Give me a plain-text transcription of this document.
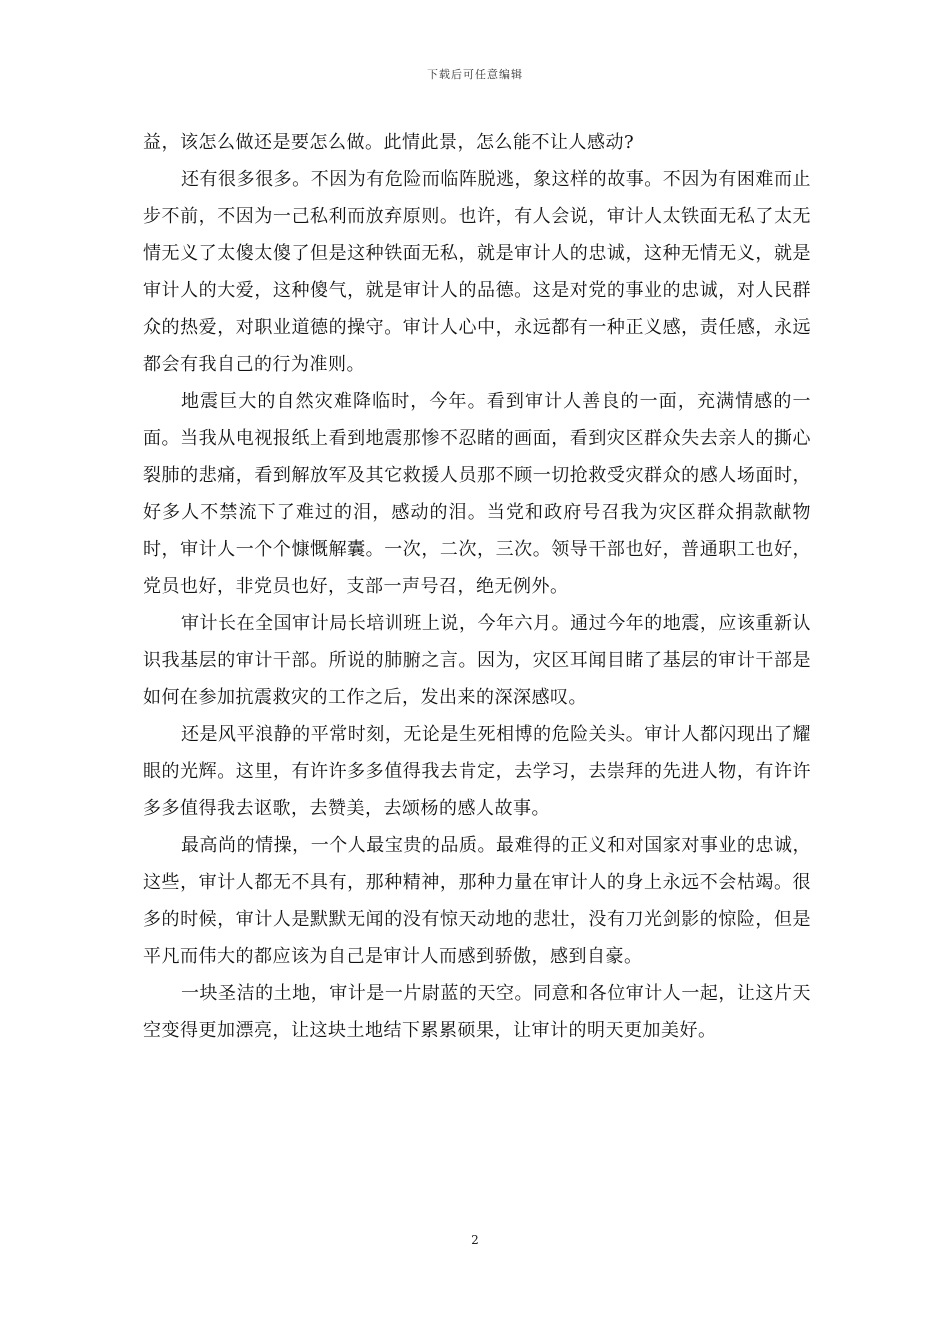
下载后可任意编辑

益，该怎么做还是要怎么做。此情此景，怎么能不让人感动?

还有很多很多。不因为有危险而临阵脱逃，象这样的故事。不因为有困难而止步不前，不因为一己私利而放弃原则。也许，有人会说，审计人太铁面无私了太无情无义了太傻太傻了但是这种铁面无私，就是审计人的忠诚，这种无情无义，就是审计人的大爱，这种傻气，就是审计人的品德。这是对党的事业的忠诚，对人民群众的热爱，对职业道德的操守。审计人心中，永远都有一种正义感，责任感，永远都会有我自己的行为准则。

地震巨大的自然灾难降临时，今年。看到审计人善良的一面，充满情感的一面。当我从电视报纸上看到地震那惨不忍睹的画面，看到灾区群众失去亲人的撕心裂肺的悲痛，看到解放军及其它救援人员那不顾一切抢救受灾群众的感人场面时，好多人不禁流下了难过的泪，感动的泪。当党和政府号召我为灾区群众捐款献物时，审计人一个个慷慨解囊。一次，二次，三次。领导干部也好，普通职工也好，党员也好，非党员也好，支部一声号召，绝无例外。

审计长在全国审计局长培训班上说，今年六月。通过今年的地震，应该重新认识我基层的审计干部。所说的肺腑之言。因为，灾区耳闻目睹了基层的审计干部是如何在参加抗震救灾的工作之后，发出来的深深感叹。

还是风平浪静的平常时刻，无论是生死相博的危险关头。审计人都闪现出了耀眼的光辉。这里，有许许多多值得我去肯定，去学习，去崇拜的先进人物，有许许多多值得我去讴歌，去赞美，去颂杨的感人故事。

最高尚的情操，一个人最宝贵的品质。最难得的正义和对国家对事业的忠诚，这些，审计人都无不具有，那种精神，那种力量在审计人的身上永远不会枯竭。很多的时候，审计人是默默无闻的没有惊天动地的悲壮，没有刀光剑影的惊险，但是平凡而伟大的都应该为自己是审计人而感到骄傲，感到自豪。

一块圣洁的土地，审计是一片尉蓝的天空。同意和各位审计人一起，让这片天空变得更加漂亮，让这块土地结下累累硕果，让审计的明天更加美好。

2
